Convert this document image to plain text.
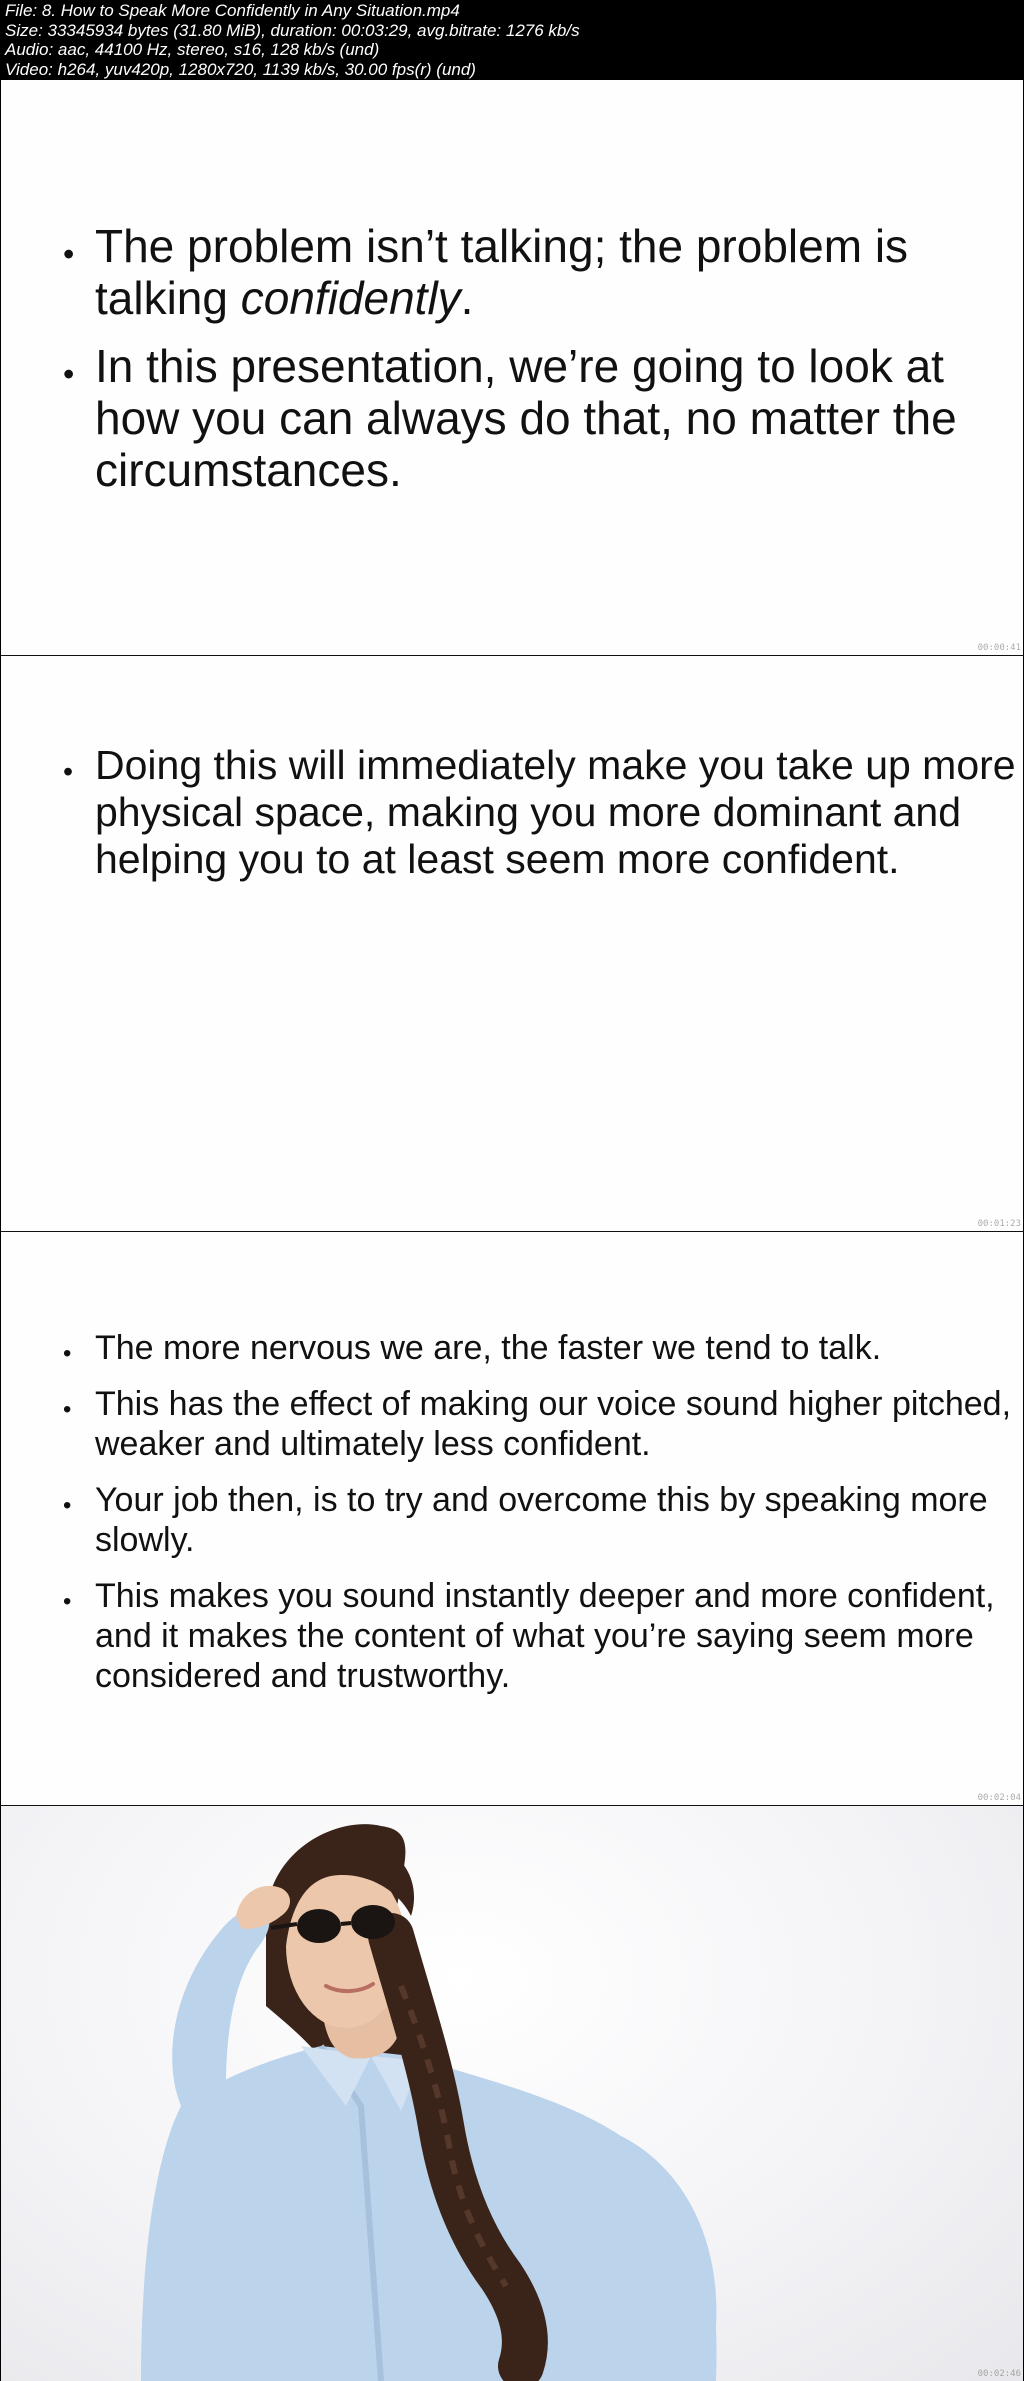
File: 8. How to Speak More Confidently in Any Situation.mp4
Size: 33345934 bytes (31.80 MiB), duration: 00:03:29, avg.bitrate: 1276 kb/s
Audio: aac, 44100 Hz, stereo, s16, 128 kb/s (und)
Video: h264, yuv420p, 1280x720, 1139 kb/s, 30.00 fps(r) (und)
• The problem isn’t talking; the problem is talking confidently.
• In this presentation, we’re going to look at how you can always do that, no matter the circumstances.
00:00:41
• Doing this will immediately make you take up more physical space, making you more dominant and helping you to at least seem more confident.
00:01:23
• The more nervous we are, the faster we tend to talk.
• This has the effect of making our voice sound higher pitched, weaker and ultimately less confident.
• Your job then, is to try and overcome this by speaking more slowly.
• This makes you sound instantly deeper and more confident, and it makes the content of what you’re saying seem more considered and trustworthy.
00:02:04
00:02:46
